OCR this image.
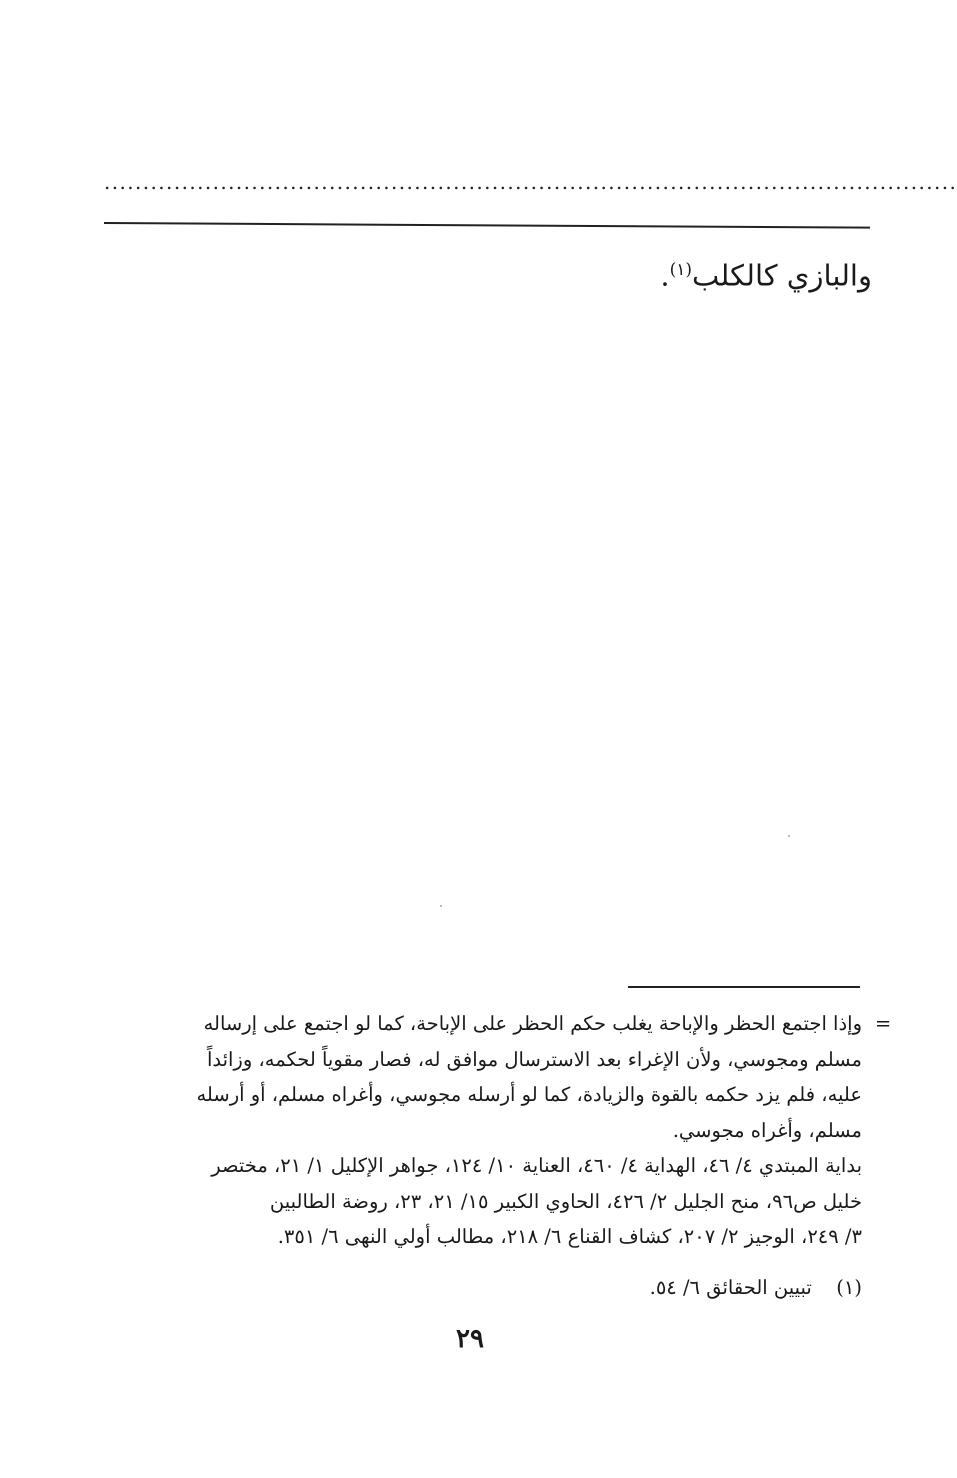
..............................................................................................................
والبازي كالكلب$^{(١)}$.
=
وإذا اجتمع الحظر والإباحة يغلب حكم الحظر على الإباحة، كما لو اجتمع على إرساله
مسلم ومجوسي، ولأن الإغراء بعد الاسترسال موافق له، فصار مقوياً لحكمه، وزائداً
عليه، فلم يزد حكمه بالقوة والزيادة، كما لو أرسله مجوسي، وأغراه مسلم، أو أرسله
مسلم، وأغراه مجوسي.
بداية المبتدي ٤/ ٤٦، الهداية ٤/ ٤٦٠، العناية ١٠/ ١٢٤، جواهر الإكليل ١/ ٢١، مختصر
خليل ص٩٦، منح الجليل ٢/ ٤٢٦، الحاوي الكبير ١٥/ ٢١، ٢٣، روضة الطالبين
٣/ ٢٤٩، الوجيز ٢/ ٢٠٧، كشاف القناع ٦/ ٢١٨، مطالب أولي النهى ٦/ ٣٥١.
(١) تبيين الحقائق ٦/ ٥٤.
٢٩
